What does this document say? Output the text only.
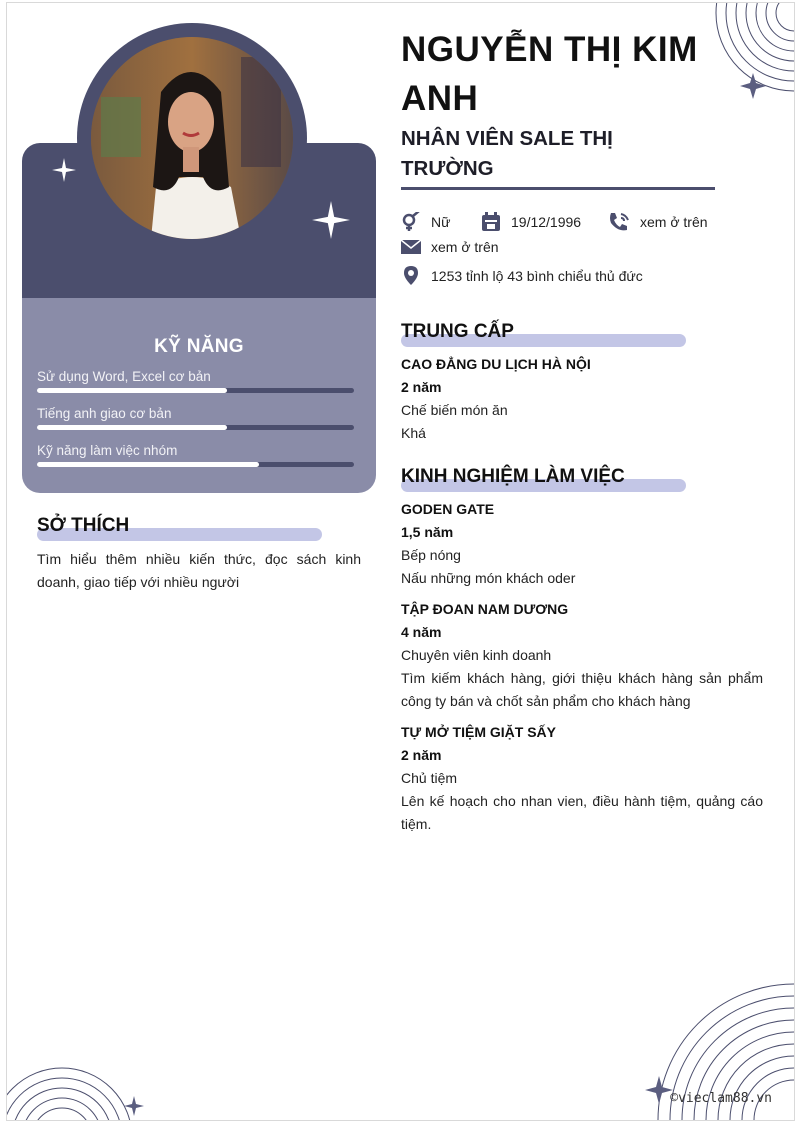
KỸ NĂNG
Sử dụng Word, Excel cơ bản
Tiếng anh giao cơ bản
Kỹ năng làm việc nhóm
SỞ THÍCH
Tìm hiểu thêm nhiều kiến thức, đọc sách kinh doanh, giao tiếp với nhiều người
NGUYỄN THỊ KIM ANH
NHÂN VIÊN SALE THỊ TRƯỜNG
Nữ	19/12/1996	xem ở trên
xem ở trên
1253 tỉnh lộ 43 bình chiểu thủ đức
TRUNG CẤP
CAO ĐẲNG DU LỊCH HÀ NỘI
2 năm
Chế biến món ăn
Khá
KINH NGHIỆM LÀM VIỆC
GODEN GATE
1,5 năm
Bếp nóng
Nấu những món khách oder
TẬP ĐOAN NAM DƯƠNG
4 năm
Chuyên viên kinh doanh
Tìm kiếm khách hàng, giới thiệu khách hàng sản phẩm công ty bán và chốt sản phẩm cho khách hàng
TỰ MỞ TIỆM GIẶT SẤY
2 năm
Chủ tiệm
Lên kế hoạch cho nhan vien, điều hành tiệm, quảng cáo tiệm.
©vieclam88.vn
